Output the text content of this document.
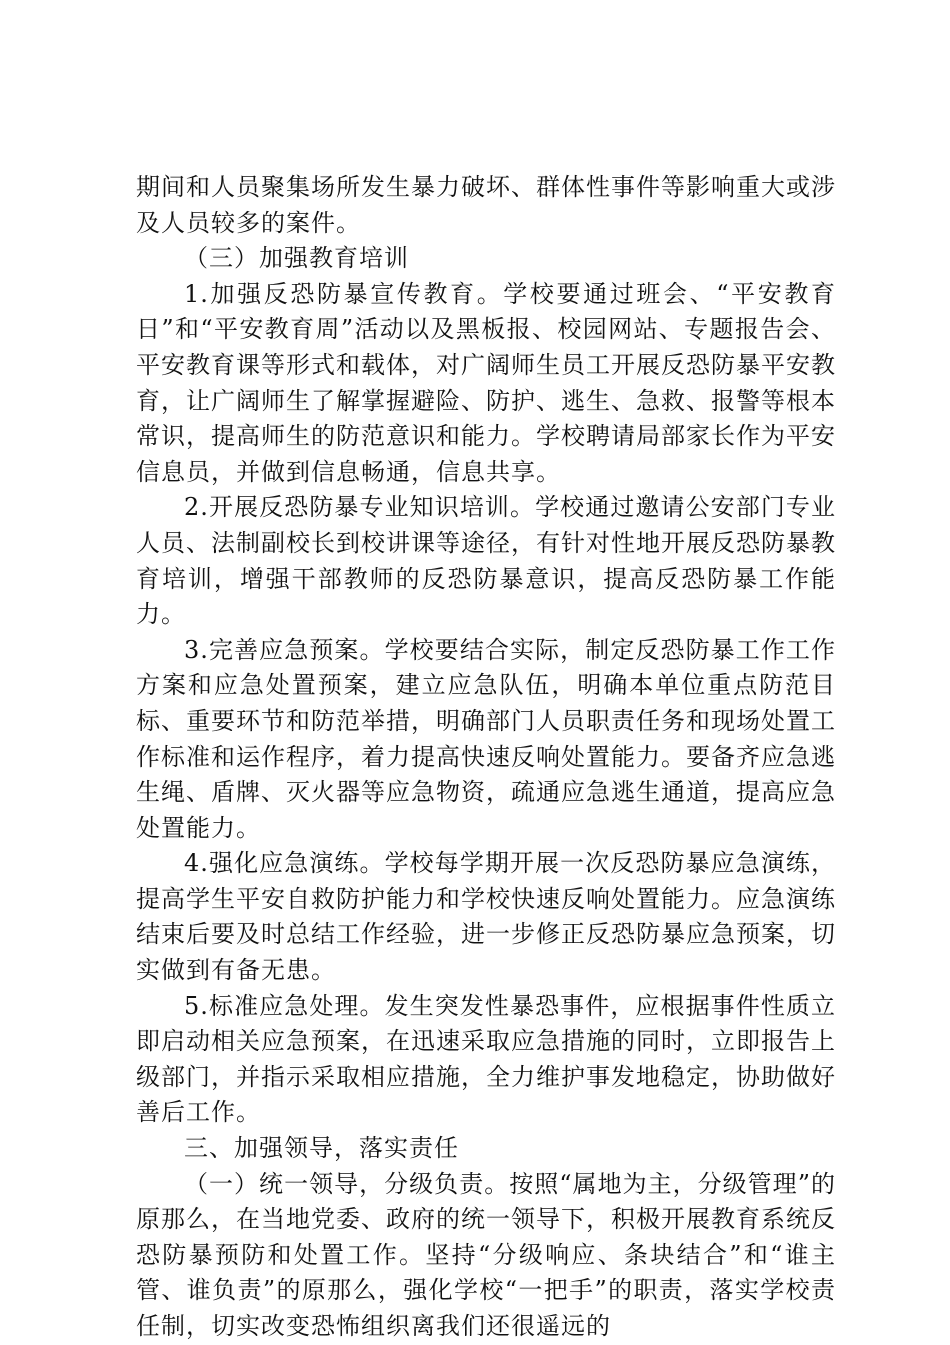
期间和人员聚集场所发生暴力破坏、群体性事件等影响重大或涉及人员较多的案件。

（三）加强教育培训

1.加强反恐防暴宣传教育。学校要通过班会、“平安教育日”和“平安教育周”活动以及黑板报、校园网站、专题报告会、平安教育课等形式和载体，对广阔师生员工开展反恐防暴平安教育，让广阔师生了解掌握避险、防护、逃生、急救、报警等根本常识，提高师生的防范意识和能力。学校聘请局部家长作为平安信息员，并做到信息畅通，信息共享。

2.开展反恐防暴专业知识培训。学校通过邀请公安部门专业人员、法制副校长到校讲课等途径，有针对性地开展反恐防暴教育培训，增强干部教师的反恐防暴意识，提高反恐防暴工作能力。

3.完善应急预案。学校要结合实际，制定反恐防暴工作工作方案和应急处置预案，建立应急队伍，明确本单位重点防范目标、重要环节和防范举措，明确部门人员职责任务和现场处置工作标准和运作程序，着力提高快速反响处置能力。要备齐应急逃生绳、盾牌、灭火器等应急物资，疏通应急逃生通道，提高应急处置能力。

4.强化应急演练。学校每学期开展一次反恐防暴应急演练，提高学生平安自救防护能力和学校快速反响处置能力。应急演练结束后要及时总结工作经验，进一步修正反恐防暴应急预案，切实做到有备无患。

5.标准应急处理。发生突发性暴恐事件，应根据事件性质立即启动相关应急预案，在迅速采取应急措施的同时，立即报告上级部门，并指示采取相应措施，全力维护事发地稳定，协助做好善后工作。

三、加强领导，落实责任

（一）统一领导，分级负责。按照“属地为主，分级管理”的原那么，在当地党委、政府的统一领导下，积极开展教育系统反恐防暴预防和处置工作。坚持“分级响应、条块结合”和“谁主管、谁负责”的原那么，强化学校“一把手”的职责，落实学校责任制，切实改变恐怖组织离我们还很遥远的
